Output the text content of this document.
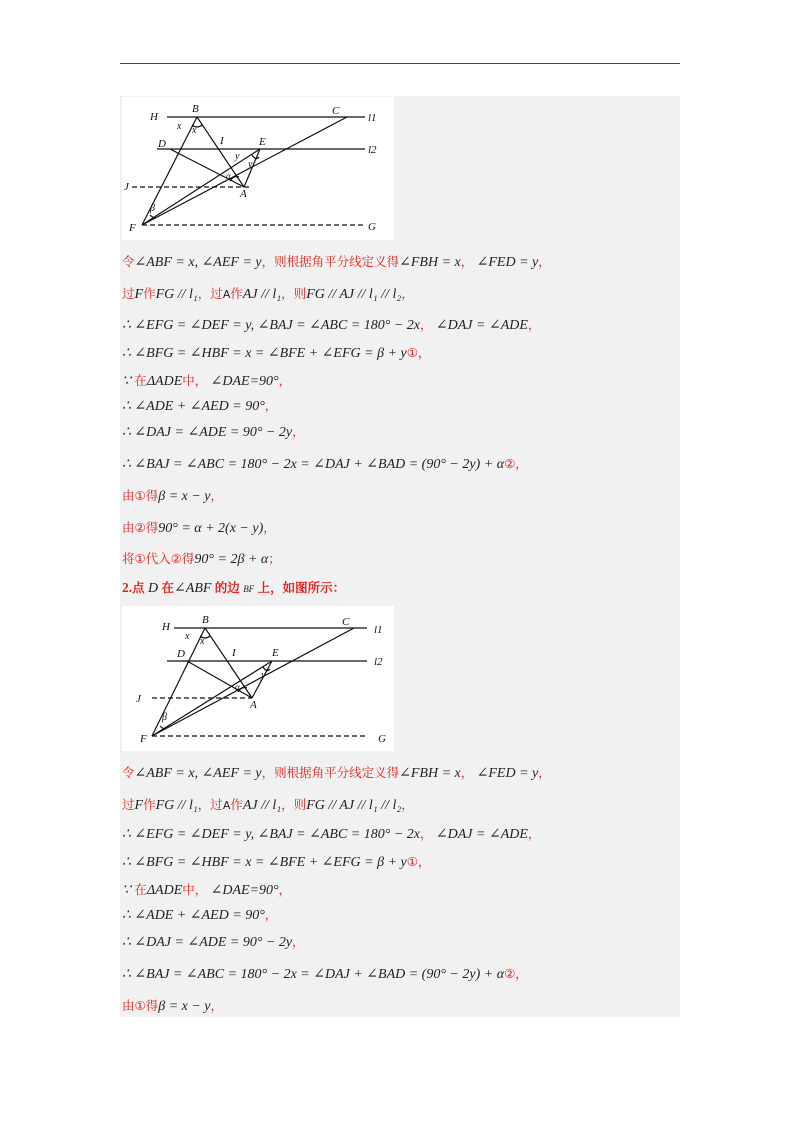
H
B	C
l1
D	I	E
l2
J
A
F	G
x x
y
y
α
β
令∠ABF = x, ∠AEF = y，则根据角平分线定义得∠FBH = x， ∠FED = y，
过F作FG // l₁，过A作AJ // l₁，则FG // AJ // l₁ // l₂，
∴ ∠EFG = ∠DEF = y, ∠BAJ = ∠ABC = 180° − 2x， ∠DAJ = ∠ADE，
∴ ∠BFG = ∠HBF = x = ∠BFE + ∠EFG = β + y①，
∵ 在ΔADE中， ∠DAE=90°，
∴ ∠ADE + ∠AED = 90°，
∴ ∠DAJ = ∠ADE = 90° − 2y，
∴ ∠BAJ = ∠ABC = 180° − 2x = ∠DAJ + ∠BAD = (90° − 2y) + α②，
由①得β = x − y，
由②得90° = α + 2(x − y)，
将①代入②得90° = 2β + α；
2.点 D 在∠ABF 的边 BF 上，如图所示：
H
B	C
l1
D	I	E
l2
J	A
F	G
x x
y
α
β
令∠ABF = x, ∠AEF = y，则根据角平分线定义得∠FBH = x， ∠FED = y，
过F作FG // l₁，过A作AJ // l₁，则FG // AJ // l₁ // l₂，
∴ ∠EFG = ∠DEF = y, ∠BAJ = ∠ABC = 180° − 2x， ∠DAJ = ∠ADE，
∴ ∠BFG = ∠HBF = x = ∠BFE + ∠EFG = β + y①，
∵ 在ΔADE中， ∠DAE=90°，
∴ ∠ADE + ∠AED = 90°，
∴ ∠DAJ = ∠ADE = 90° − 2y，
∴ ∠BAJ = ∠ABC = 180° − 2x = ∠DAJ + ∠BAD = (90° − 2y) + α②，
由①得β = x − y，
